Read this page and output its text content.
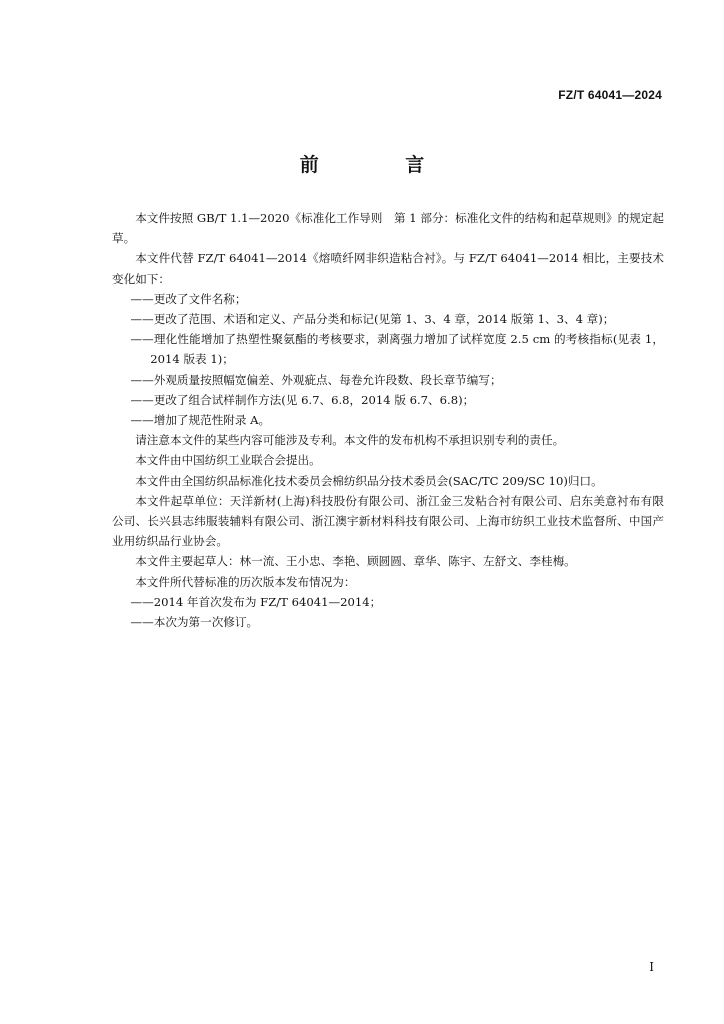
FZ/T 64041—2024
前 言

本文件按照 GB/T 1.1—2020《标准化工作导则　第 1 部分：标准化文件的结构和起草规则》的规定起草。

本文件代替 FZ/T 64041—2014《熔喷纤网非织造粘合衬》。与 FZ/T 64041—2014 相比，主要技术变化如下：

——更改了文件名称；

——更改了范围、术语和定义、产品分类和标记(见第 1、3、4 章，2014 版第 1、3、4 章)；

——理化性能增加了热塑性聚氨酯的考核要求，剥离强力增加了试样宽度 2.5 cm 的考核指标(见表 1，2014 版表 1)；

——外观质量按照幅宽偏差、外观疵点、每卷允许段数、段长章节编写；

——更改了组合试样制作方法(见 6.7、6.8，2014 版 6.7、6.8)；

——增加了规范性附录 A。

请注意本文件的某些内容可能涉及专利。本文件的发布机构不承担识别专利的责任。

本文件由中国纺织工业联合会提出。

本文件由全国纺织品标准化技术委员会棉纺织品分技术委员会(SAC/TC 209/SC 10)归口。

本文件起草单位：天洋新材(上海)科技股份有限公司、浙江金三发粘合衬有限公司、启东美意衬布有限公司、长兴县志纬服装辅料有限公司、浙江澳宇新材料科技有限公司、上海市纺织工业技术监督所、中国产业用纺织品行业协会。

本文件主要起草人：林一流、王小忠、李艳、顾圆圆、章华、陈宇、左舒文、李桂梅。

本文件所代替标准的历次版本发布情况为：

——2014 年首次发布为 FZ/T 64041—2014；

——本次为第一次修订。

I
